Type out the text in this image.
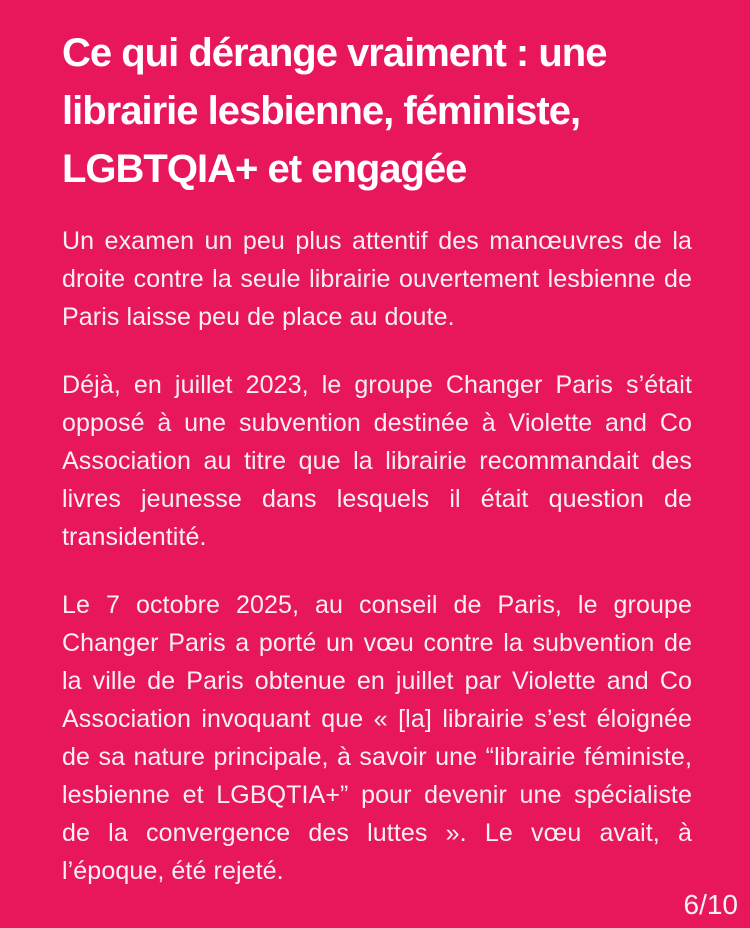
Ce qui dérange vraiment : une
librairie lesbienne, féministe,
LGBTQIA+ et engagée

Un examen un peu plus attentif des manœuvres de la droite contre la seule librairie ouvertement lesbienne de Paris laisse peu de place au doute.

Déjà, en juillet 2023, le groupe Changer Paris s’était opposé à une subvention destinée à Violette and Co Association au titre que la librairie recommandait des livres jeunesse dans lesquels il était question de transidentité.

Le 7 octobre 2025, au conseil de Paris, le groupe Changer Paris a porté un vœu contre la subvention de la ville de Paris obtenue en juillet par Violette and Co Association invoquant que « [la] librairie s’est éloignée de sa nature principale, à savoir une “librairie féministe, lesbienne et LGBQTIA+” pour devenir une spécialiste de la convergence des luttes ». Le vœu avait, à l’époque, été rejeté.

6/10
